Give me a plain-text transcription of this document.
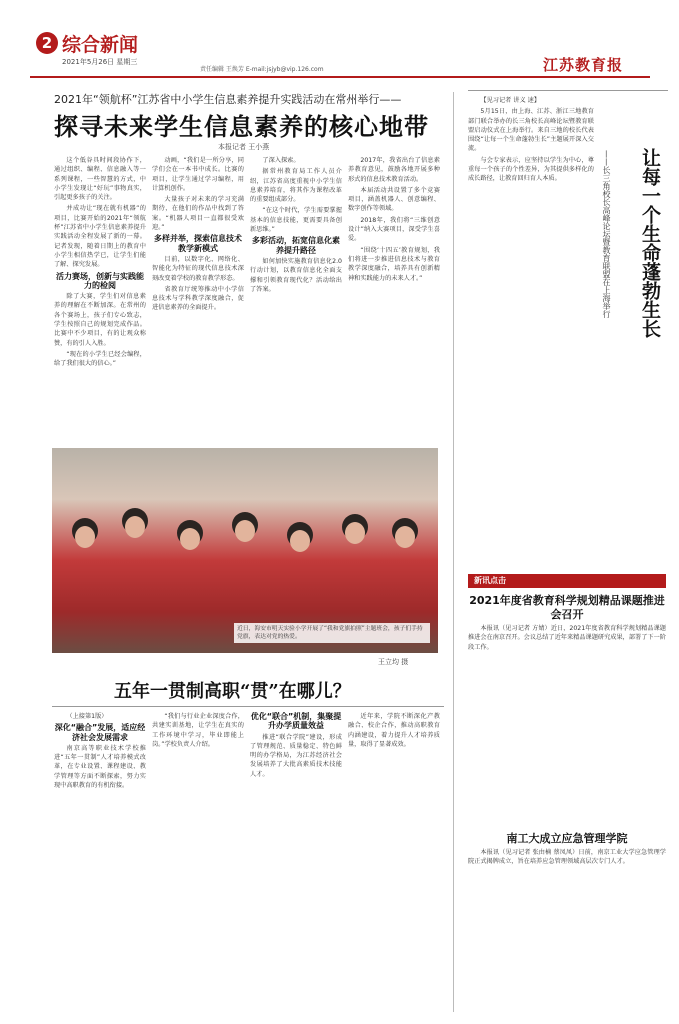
2 综合新闻
2021年5月26日 星期三
责任编辑 王焕芳 E-mail:jsjyb@vip.126.com	江苏教育报
2021年“领航杯”江苏省中小学生信息素养提升实践活动在常州举行——
探寻未来学生信息素养的核心地带
本报记者 王小燕

这个低谷具时间段协作下，通过组织、编程、信息融入等一系列课程，一些智慧的方式，中小学生发现让“好玩”事物真实，引起更多孩子的关注。

并成功让“现在就有机器”的项目，比赛开始的2021年“领航杯”江苏省中小学生信息素养提升实践活动全程发展了新的一幕。记者发现，随着日期上的教育中小学生相信热学已，让学生们能了解、探究发展。

活力赛场，创新与实践能力的检阅

除了大赛，学生们对信息素养的理解在不断加深。在常州的各个赛场上，孩子们专心致志，学生按照自己的规划完成作品。比赛中不少项目，有的让观众称赞，有的引人入胜。

“现在的小学生已经会编程，给了我们很大的信心。”

动画，“我们是一所分享，同学们会在一本书中成长。比赛的项目，让学生通过学习编程，用计算机创作。

大量孩子对未来的学习充满期待，在他们的作品中找到了答案。“机器人项目一直都很受欢迎。”

多样并举，探索信息技术教学新模式

目前，以数字化、网络化、智能化为特征的现代信息技术深刻改变着学校的教育教学形态。

省教育厅统筹推动中小学信息技术与学科教学深度融合，促进信息素养的全面提升。

了深入探索。

据常州教育局工作人员介绍，江苏省高度重视中小学生信息素养培育，将其作为课程改革的重要组成部分。

“在这个时代，学生需要掌握基本的信息技能，更需要具备创新思维。”

多彩活动，拓宽信息化素养提升路径

如何加快实施教育信息化2.0行动计划，以教育信息化全面支撑和引领教育现代化？活动给出了答案。

2017年，我省出台了信息素养教育意见，鼓励各地开展多种形式的信息技术教育活动。

本届活动共设置了多个竞赛项目，涵盖机器人、创意编程、数字创作等领域。

2018年，我们将“三维创意设计”纳入大赛项目，深受学生喜爱。

“围绕‘十四五’教育规划，我们将进一步推进信息技术与教育教学深度融合，培养具有创新精神和实践能力的未来人才。”

近日，海安市明天实验小学开展了“我和党旗拍照”主题班会，孩子们手持党旗，表达对党的热爱。
王立均 摄
五年一贯制高职“贯”在哪儿？

（上接第1版）

深化“融合”发展，适应经济社会发展需求

南京高等职业技术学校推进“五年一贯制”人才培养模式改革，在专业设置、课程建设、教学管理等方面不断探索，努力实现中高职教育的有机衔接。

“我们与行业企业深度合作，共建实训基地，让学生在真实的工作环境中学习，毕业即能上岗。”学校负责人介绍。

优化“联合”机制，集聚提升办学质量效益

推进“联合学院”建设，形成了管理规范、质量稳定、特色鲜明的办学格局，为江苏经济社会发展培养了大批高素质技术技能人才。

近年来，学院不断深化产教融合、校企合作，推动高职教育内涵建设，着力提升人才培养质量，取得了显著成效。

【见习记者 讲义 速】

5月15日，由上海、江苏、浙江三地教育部门联合举办的长三角校长高峰论坛暨教育联盟启动仪式在上海举行。来自三地的校长代表围绕“让每一个生命蓬勃生长”主题展开深入交流。

与会专家表示，应坚持以学生为中心，尊重每一个孩子的个性差异，为其提供多样化的成长路径，让教育回归育人本质。	让每一个生命蓬勃生长
——长三角校长高峰论坛暨教育联盟在上海举行
新讯点击
2021年度省教育科学规划精品课题推进会召开

本报讯（见习记者 方婧）近日，2021年度省教育科学规划精品课题推进会在南京召开。会议总结了近年来精品课题研究成果，部署了下一阶段工作。

南工大成立应急管理学院

本报讯（见习记者 张由楠 蔡凤凤）日前，南京工业大学应急管理学院正式揭牌成立，旨在培养应急管理领域高层次专门人才。
